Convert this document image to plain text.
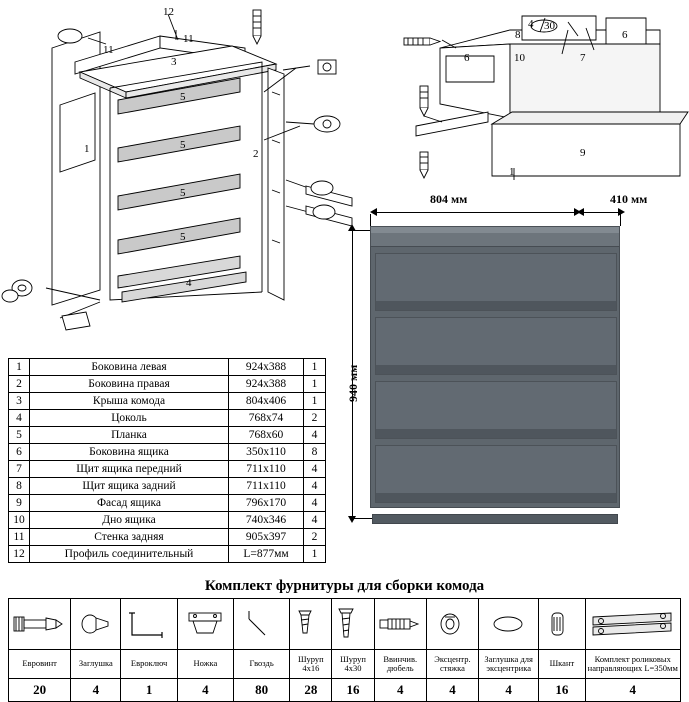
12
11
11
3
5
5
5
5
1	2
4
4 30
8	6
6	10	7
9
1
804 мм	410 мм
940 мм
1	Боковина левая	924х388	1
2	Боковина правая	924х388	1
3	Крыша комода	804х406	1
4	Цоколь	768х74	2
5	Планка	768х60	4
6	Боковина ящика	350х110	8
7	Щит ящика передний	711х110	4
8	Щит ящика задний	711х110	4
9	Фасад ящика	796х170	4
10	Дно ящика	740х346	4
11	Стенка задняя	905х397	2
12	Профиль соединительный	L=877мм	1
Комплект фурнитуры для сборки комода

Евровинт	Заглушка	Евроключ	Ножка	Гвоздь	Шуруп 4х16	Шуруп 4х30	Ввинчив. дюбель	Эксцентр. стяжка	Заглушка для эксцентрика	Шкант	Комплект роликовых направляющих L=350мм
20	4	1	4	80	28	16	4	4	4	16	4
